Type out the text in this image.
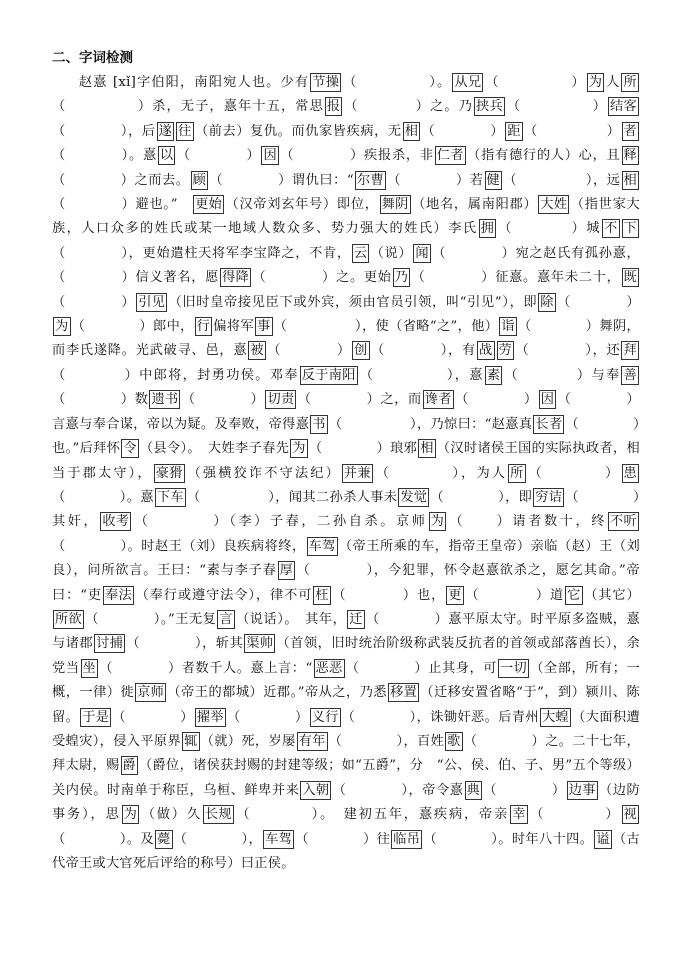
二、字词检测

赵憙 [xǐ]字伯阳，南阳宛人也。少有 节操 （　　　　　）。 从兄 （　　　　　） 为 人 所（　　　　　）杀，无子，憙年十五，常思 报 （　　　　）之。乃 挟兵 （　　　　　） 结客（　　　　），后 遂 往 （前去）复仇。而仇家皆疾病，无 相 （　　　　） 距 （　　　　　） 者（　　　　）。憙 以 （　　　　） 因 （　　　　）疾报杀，非 仁者 （指有德行的人）心，且 释（　　　　）之而去。 顾 （　　　　）谓仇曰：“ 尔曹 （　　　　）若 健 （　　　　　），远 相（　　　　）避也。”　更始 （汉帝刘玄年号）即位， 舞阴 （地名，属南阳郡） 大姓 （指世家大族，人口众多的姓氏或某一地域人数众多、势力强大的姓氏）李氏 拥 （　　　　）城 不 下（　　　　），更始遣柱天将军李宝降之，不肯， 云 （说） 闻 （　　　　）宛之赵氏有孤孙憙，（　　　　）信义著名，愿 得降 （　　　　）之。更始 乃 （　　　　）征憙。憙年未二十， 既（　　　　） 引见 （旧时皇帝接见臣下或外宾，须由官员引领，叫“引见”），即 除 （　　　　）为 （　　　　）郎中， 行 偏将军 事 （　　　　　），使（省略“之”，他） 诣 （　　　　）舞阴，而李氏遂降。光武破寻、邑，憙 被 （　　　　） 创 （　　　　），有 战 劳 （　　　　），还 拜（　　　　）中郎将，封勇功侯。邓奉 反于南阳 （　　　　　），憙 素 （　　　　）与奉 善（　　　　）数 遗书 （　　　　） 切责 （　　　　）之，而 谗者 （　　　　） 因 （　　　　）言憙与奉合谋，帝以为疑。及奉败，帝得憙 书 （　　　　　），乃惊曰：“赵憙真 长者 （　　　　）也。”后拜怀 令 （县令）。　大姓李子春先 为 （　　　　）琅邪 相 （汉时诸侯王国的实际执政者，相当于郡太守）， 豪猾 （强横狡诈不守法纪） 并兼 （　　　　），为人 所 （　　　　） 患（　　　　）。憙 下车 （　　　　　），闻其二孙杀人事未 发觉 （　　　　），即 穷诘 （　　　　）其奸， 收考 （　　　　）（李）子春，二孙自杀。京师 为 （　　）请者数十，终 不听（　　　　）。时赵王（刘）良疾病将终， 车驾 （帝王所乘的车，指帝王皇帝）亲临（赵）王（刘良），问所欲言。王曰：“素与李子春 厚 （　　　　），今犯罪，怀令赵憙欲杀之，愿乞其命。”帝曰：“吏 奉法 （奉行或遵守法令），律不可 枉 （　　　　）也， 更 （　　　　）道 它 （其它）所欲 （　　　　）。”王无复 言 （说话）。　其年， 迁 （　　　　）憙平原太守。时平原多盗贼，憙与诸郡 讨捕 （　　　　），斩其 渠帅 （首领，旧时统治阶级称武装反抗者的首领或部落酋长），余党当 坐 （　　　　）者数千人。憙上言：“ 恶恶 （　　　　）止其身，可 一切 （全部，所有；一概，一律）徙 京师 （帝王的都城）近郡。”帝从之，乃悉 移置 （迁移安置省略“于”，到）颍川、陈留。 于是 （　　　　） 擢举 （　　　　） 义行 （　　　　），诛锄奸恶。后青州 大蝗 （大面积遭受蝗灾），侵入平原界 辄 （就）死，岁屡 有年 （　　　　），百姓 歌 （　　　　）之。二十七年，拜太尉，赐 爵 （爵位，诸侯获封赐的封建等级；如“五爵”，分　“公、侯、伯、子、男”五个等级）关内侯。时南单于称臣，乌桓、鲜卑并来 入朝 （　　　　），帝令憙 典 （　　　　） 边事 （边防事务），思 为 （做）久 长规 （　　　　）。　建初五年，憙疾病，帝亲 幸 （　　　　） 视（　　　　）。及 薨 （　　　　）， 车驾 （　　　　）往 临吊 （　　　　）。时年八十四。 谥 （古代帝王或大官死后评给的称号）曰正侯。
